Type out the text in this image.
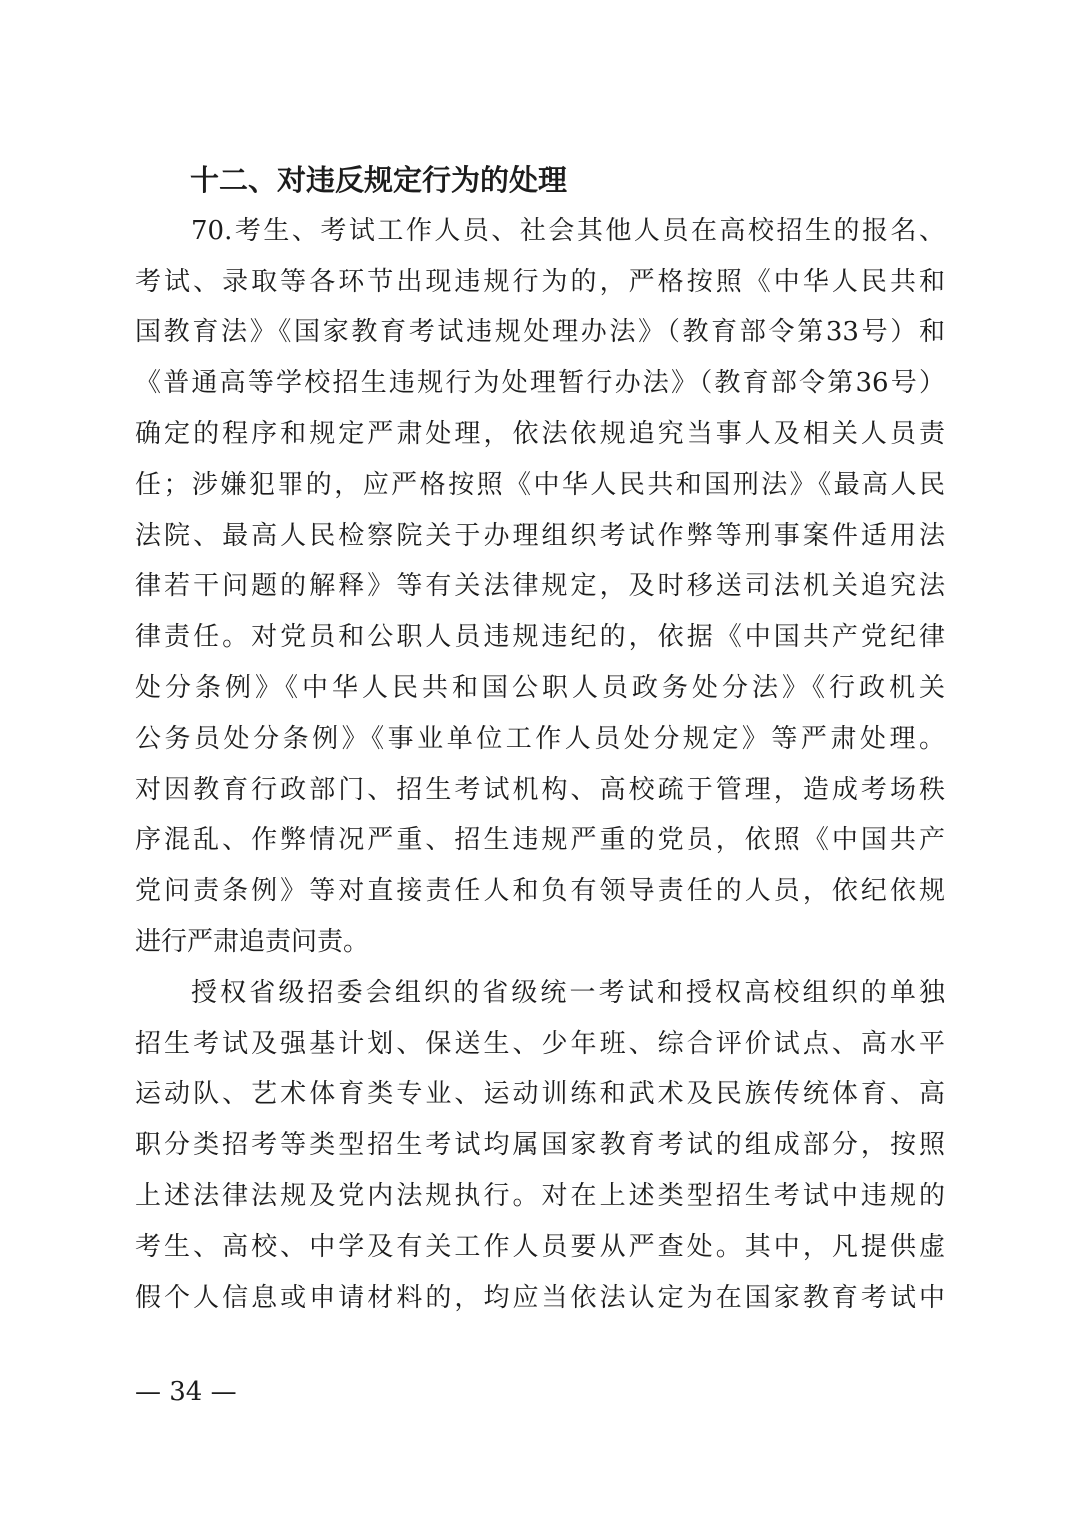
十二、对违反规定行为的处理
70.考生、考试工作人员、社会其他人员在高校招生的报名、
考试、录取等各环节出现违规行为的，严格按照《中华人民共和
国教育法》《国家教育考试违规处理办法》（教育部令第33号）和
《普通高等学校招生违规行为处理暂行办法》（教育部令第36号）
确定的程序和规定严肃处理，依法依规追究当事人及相关人员责
任；涉嫌犯罪的，应严格按照《中华人民共和国刑法》《最高人民
法院、最高人民检察院关于办理组织考试作弊等刑事案件适用法
律若干问题的解释》等有关法律规定，及时移送司法机关追究法
律责任。对党员和公职人员违规违纪的，依据《中国共产党纪律
处分条例》《中华人民共和国公职人员政务处分法》《行政机关
公务员处分条例》《事业单位工作人员处分规定》等严肃处理。
对因教育行政部门、招生考试机构、高校疏于管理，造成考场秩
序混乱、作弊情况严重、招生违规严重的党员，依照《中国共产
党问责条例》等对直接责任人和负有领导责任的人员，依纪依规
进行严肃追责问责。
授权省级招委会组织的省级统一考试和授权高校组织的单独
招生考试及强基计划、保送生、少年班、综合评价试点、高水平
运动队、艺术体育类专业、运动训练和武术及民族传统体育、高
职分类招考等类型招生考试均属国家教育考试的组成部分，按照
上述法律法规及党内法规执行。对在上述类型招生考试中违规的
考生、高校、中学及有关工作人员要从严查处。其中，凡提供虚
假个人信息或申请材料的，均应当依法认定为在国家教育考试中
— 34 —
